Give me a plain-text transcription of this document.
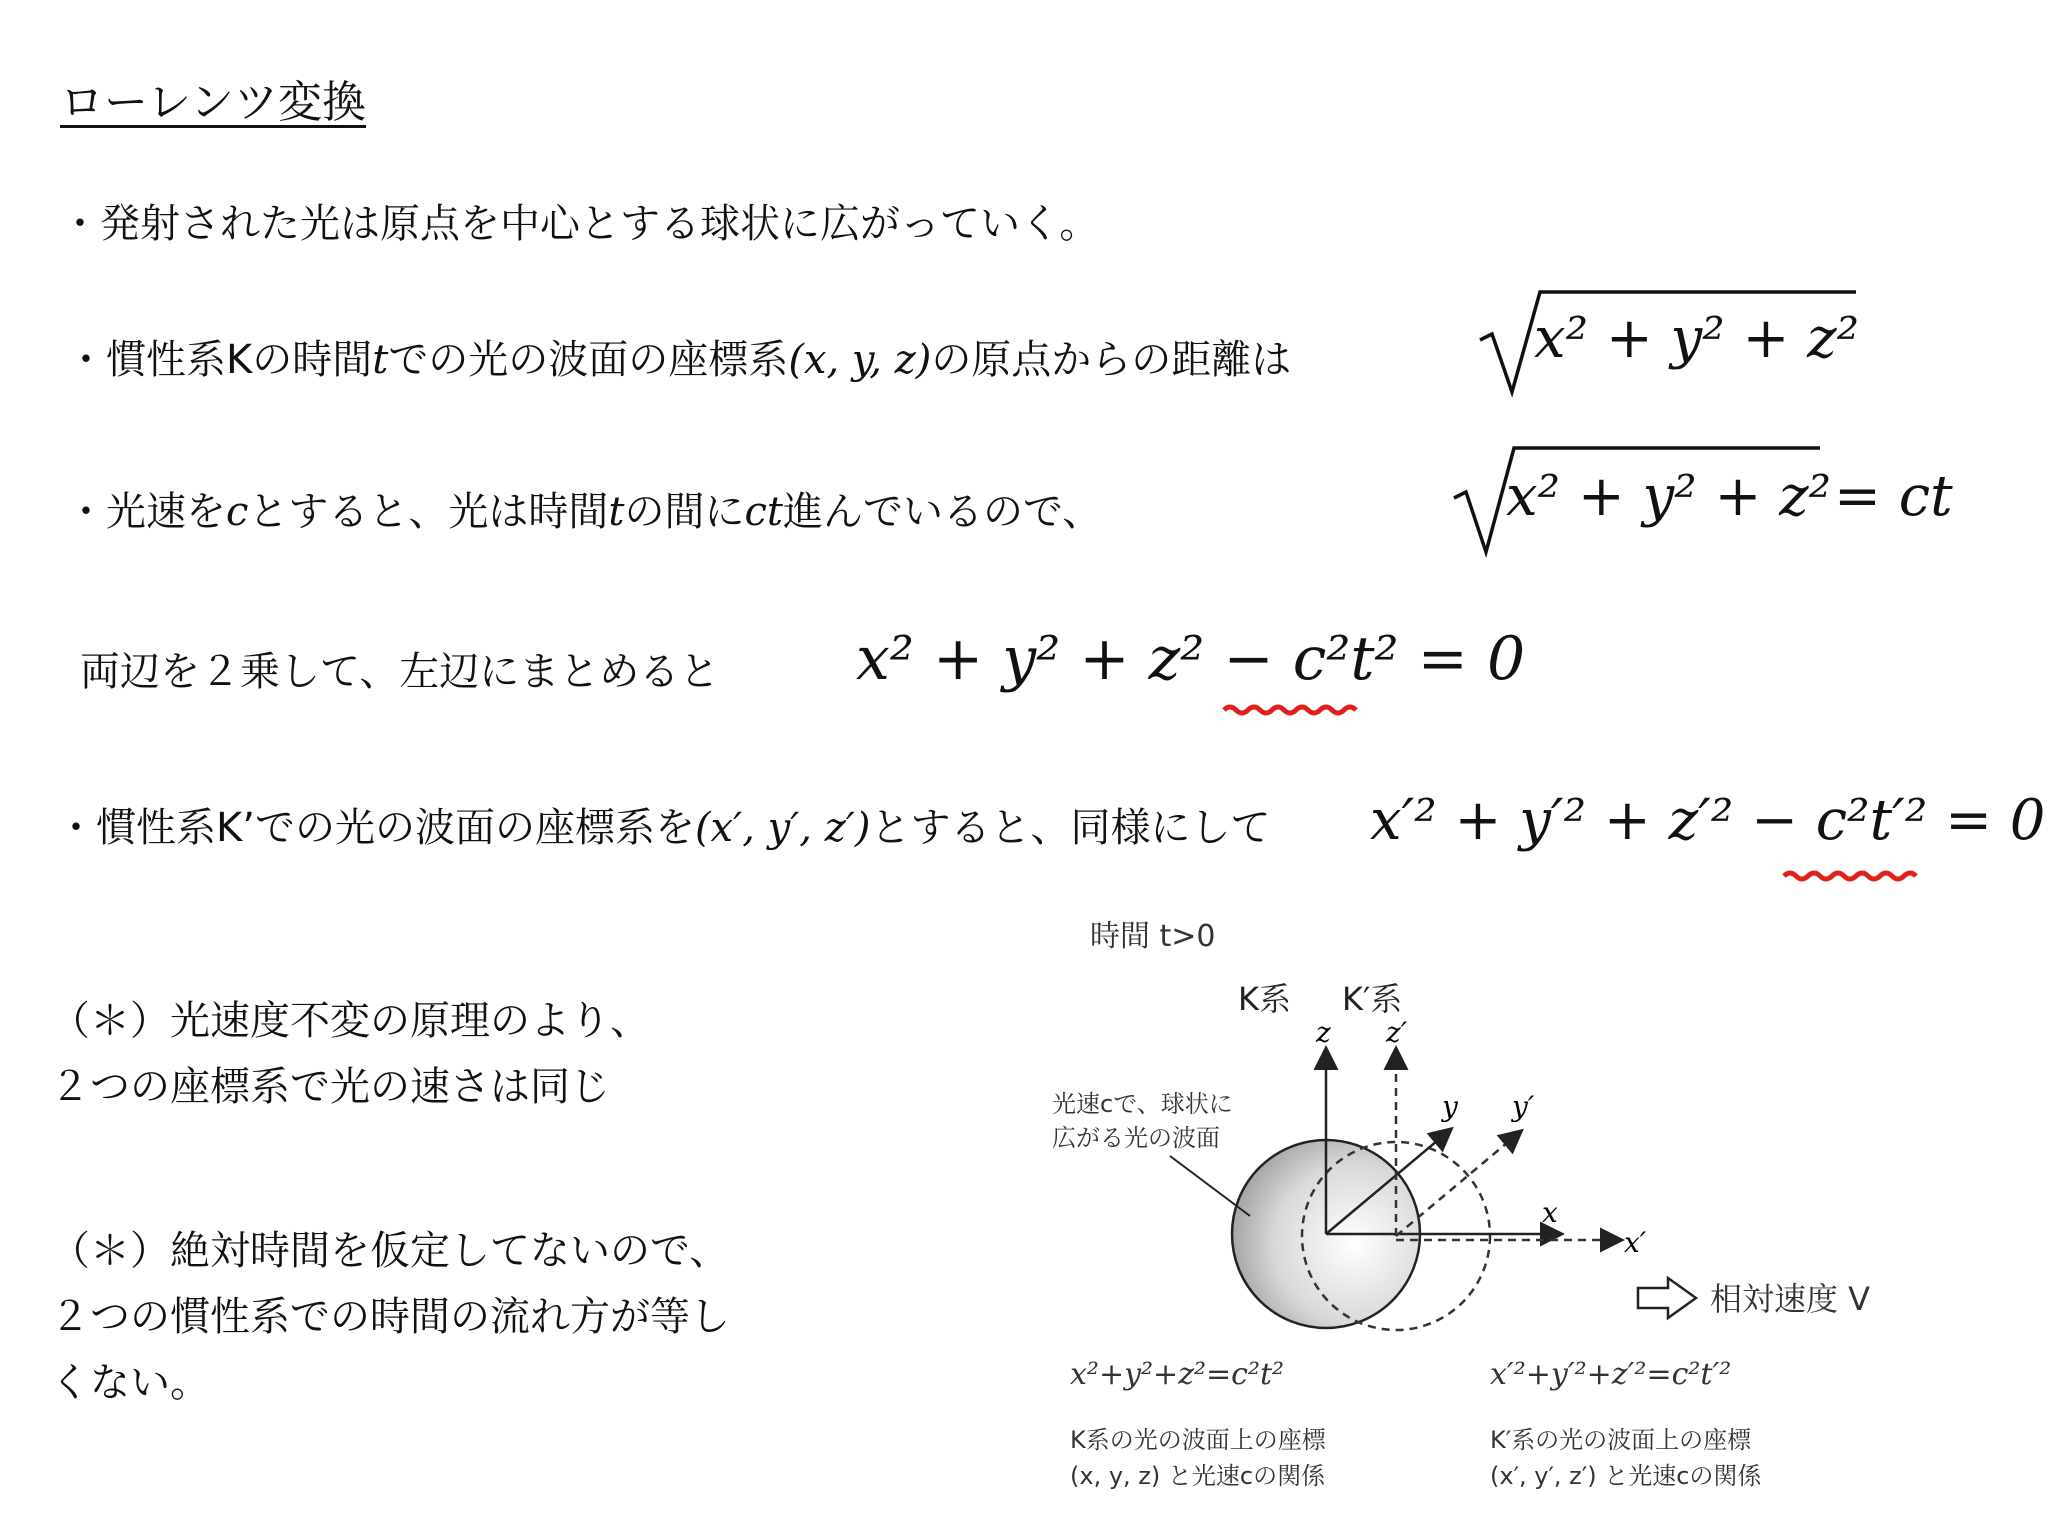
ローレンツ変換
・発射された光は原点を中心とする球状に広がっていく。
・慣性系Kの時間tでの光の波面の座標系(x, y, z)の原点からの距離は	x² + y² + z²
・光速をcとすると、光は時間tの間にct進んでいるので、	x² + y² + z² = ct
両辺を２乗して、左辺にまとめると x² + y² + z² − c²t² = 0
・慣性系K’での光の波面の座標系を(x′, y′, z′)とすると、同様にして x′² + y′² + z′² − c²t′² = 0
（＊）光速度不変の原理のより、
２つの座標系で光の速さは同じ
（＊）絶対時間を仮定してないので、
２つの慣性系での時間の流れ方が等し
くない。
時間 t>0
K系 K′系
z z′
y y′
x
x′
光速cで、球状に
広がる光の波面
相対速度 V
x²+y²+z²=c²t²	x′²+y′²+z′²=c²t′²
K系の光の波面上の座標
(x, y, z) と光速cの関係
K′系の光の波面上の座標
(x′, y′, z′) と光速cの関係
